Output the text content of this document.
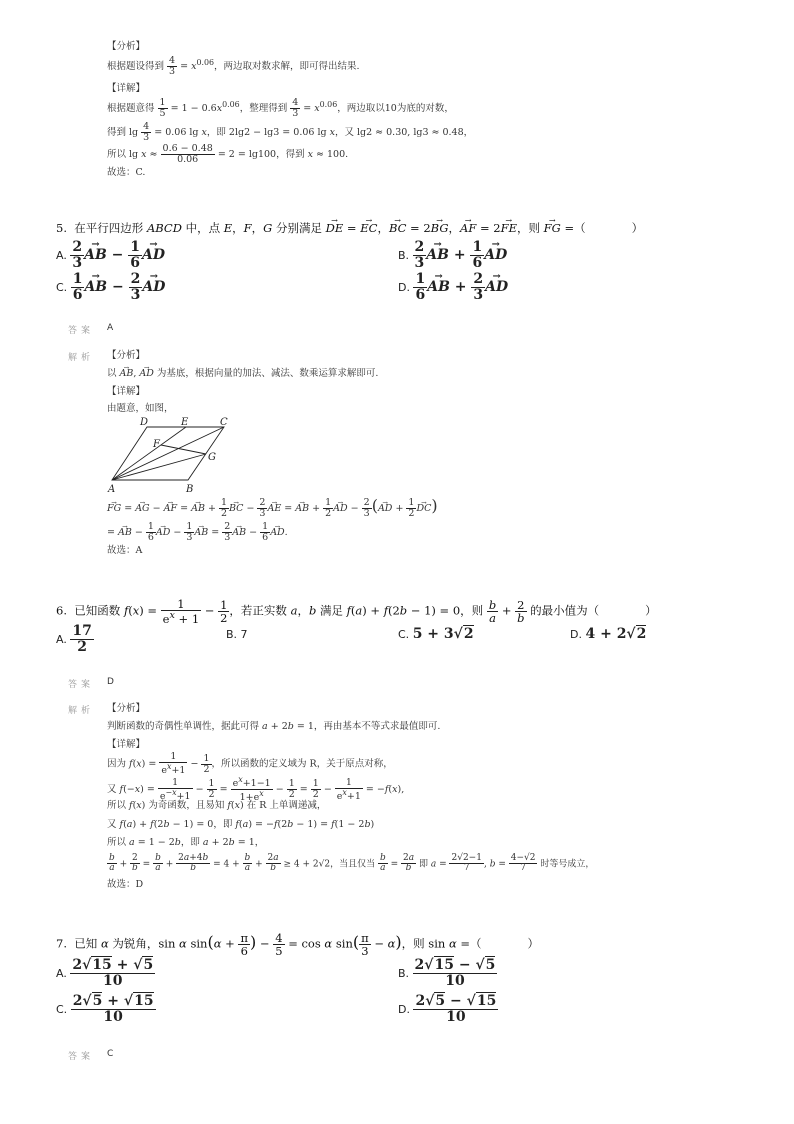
【分析】
根据题设得到 $\frac{4}{3} = x^{0.06}$，两边取对数求解，即可得出结果.
【详解】
根据题意得 $\frac{1}{5} = 1 - 0.6x^{0.06}$，整理得到 $\frac{4}{3} = x^{0.06}$，两边取以10为底的对数，
得到 $\lg \frac{4}{3} = 0.06$ lg x，即 2lg2 − lg3 = 0.06 lg x，又 lg2 ≈ 0.30, lg3 ≈ 0.48，
所以 $\lg x \approx \frac{0.6 - 0.48}{0.06} = 2 = \lg 100$，得到 x ≈ 100.
故选：C.
5.  在平行四边形 ABCD 中，点 E，F，G 分别满足 → DE = → EC，→ BC = 2→ BG，→ AF = 2→ FE，则 → FG =（　　　　）
A. $\frac{2}{3}$
→ AB − $\frac{1}{6}$
→ AD	B. $\frac{2}{3}$
→ AB + $\frac{1}{6}$
→ AD
C. $\frac{1}{6}$
→ AB − $\frac{2}{3}$
→ AD	D. $\frac{1}{6}$
→ AB + $\frac{2}{3}$
→ AD
答案 A
解析 【分析】
以 → AB, → AD 为基底，根据向量的加法、减法、数乘运算求解即可.
【详解】
由题意，如图，
D	E	C
F
G
A	B
→ FG = → AG − → AF = → AB + $\frac{1}{2}$
→ BC − $\frac{2}{3}$
→ AE = → AB + $\frac{1}{2}$
→ AD − $\frac{2}{3}$ (→ AD + $\frac{1}{2}$
→ DC)
= → AB − $\frac{1}{6}$
→ AD − $\frac{1}{3}$
→ AB = $\frac{2}{3}$
→ AB − $\frac{1}{6}$
→ AD.
故选：A
6.  已知函数 $f(x) = \frac{1}{e^x + 1} - \frac{1}{2}$ ，若正实数 a，b 满足 f(a) + f(2b − 1) = 0，则 $\frac{b}{a} + \frac{2}{b}$ 的最小值为（　　　　）
A. $\frac{17}{2}$	B. 7	C. 5 + 3√2	D. 4 + 2√2
答案 D
解析 【分析】
判断函数的奇偶性单调性，据此可得 a + 2b = 1，再由基本不等式求最值即可.
【详解】
因为 $f(x) = \frac{1}{e^x+1} - \frac{1}{2}$ ，所以函数的定义域为 R，关于原点对称，
又 $f(-x) = \frac{1}{e^{-x}+1} - \frac{1}{2} = \frac{e^x+1-1}{1+e^x} - \frac{1}{2} = \frac{1}{2} - \frac{1}{e^x+1} = -f(x)$,
所以 f(x) 为奇函数，且易知 f(x) 在 R 上单调递减，
又 f(a) + f(2b − 1) = 0，即 f(a) = −f(2b − 1) = f(1 − 2b)
所以 a = 1 − 2b，即 a + 2b = 1，
$\frac{b}{a} + \frac{2}{b} = \frac{b}{a} + \frac{2a+4b}{b} = 4 + \frac{b}{a} + \frac{2a}{b} \ge 4 + 2√2$，当且仅当 $\frac{b}{a} = \frac{2a}{b}$ 即 $a = \frac{2√2-1}{7}$ , $b = \frac{4-√2}{7}$ 时等号成立，
故选：D
7.  已知 α 为锐角，sin α $\sin(\alpha + \frac{\pi}{6}$ ) − $\frac{4}{5} = \cos \alpha$ $\sin( \frac{\pi}{3} - \alpha)$，则 sin α =（　　　　）
A. $\frac{2√15 + √5}{10}$	B. $\frac{2√15 - √5}{10}$
C. $\frac{2√5 + √15}{10}$	D. $\frac{2√5 - √15}{10}$
答案 C
